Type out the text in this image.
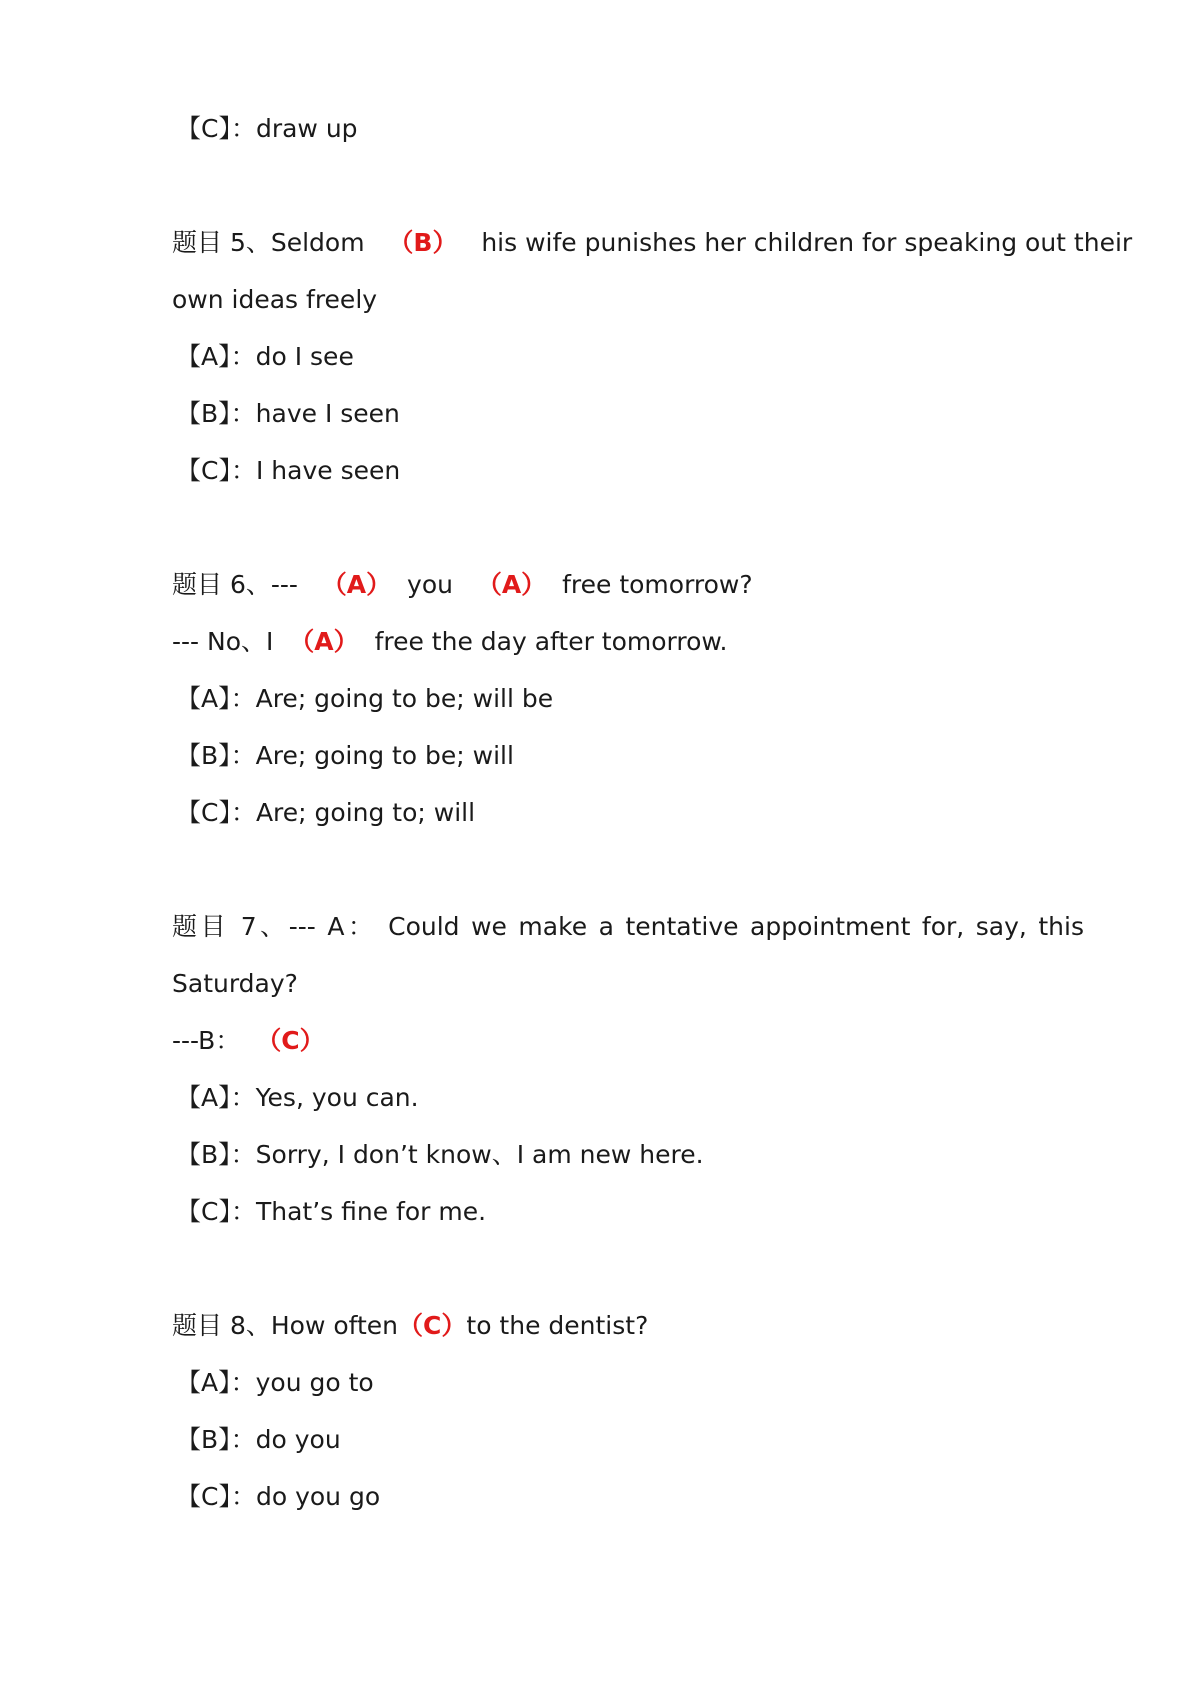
【C】：draw up
题目 5、Seldom （B） his wife punishes her children for speaking out their
own ideas freely
【A】：do I see
【B】：have I seen
【C】：I have seen
题目 6、--- （A） you （A） free tomorrow?
--- No、I （A） free the day after tomorrow.
【A】：Are; going to be; will be
【B】：Are; going to be; will
【C】：Are; going to; will
题目 7、--- A： Could we make a tentative appointment for, say, this
Saturday?
---B： （C）
【A】：Yes, you can.
【B】：Sorry, I don’t know、I am new here.
【C】：That’s fine for me.
题目 8、How often（C）to the dentist?
【A】：you go to
【B】：do you
【C】：do you go
